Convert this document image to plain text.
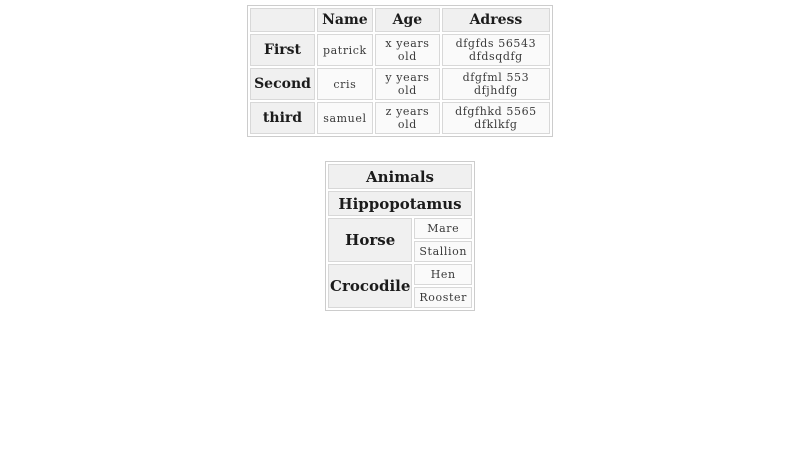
	Name	Age	Adress
First	patrick	x years old	dfgfds 56543 dfdsqdfg
Second	cris	y years old	dfgfml 553 dfjhdfg
third	samuel	z years old	dfgfhkd 5565 dfklkfg
Animals	
Hippopotamus	
Horse	Mare
	Stallion
Crocodile	Hen
	Rooster
